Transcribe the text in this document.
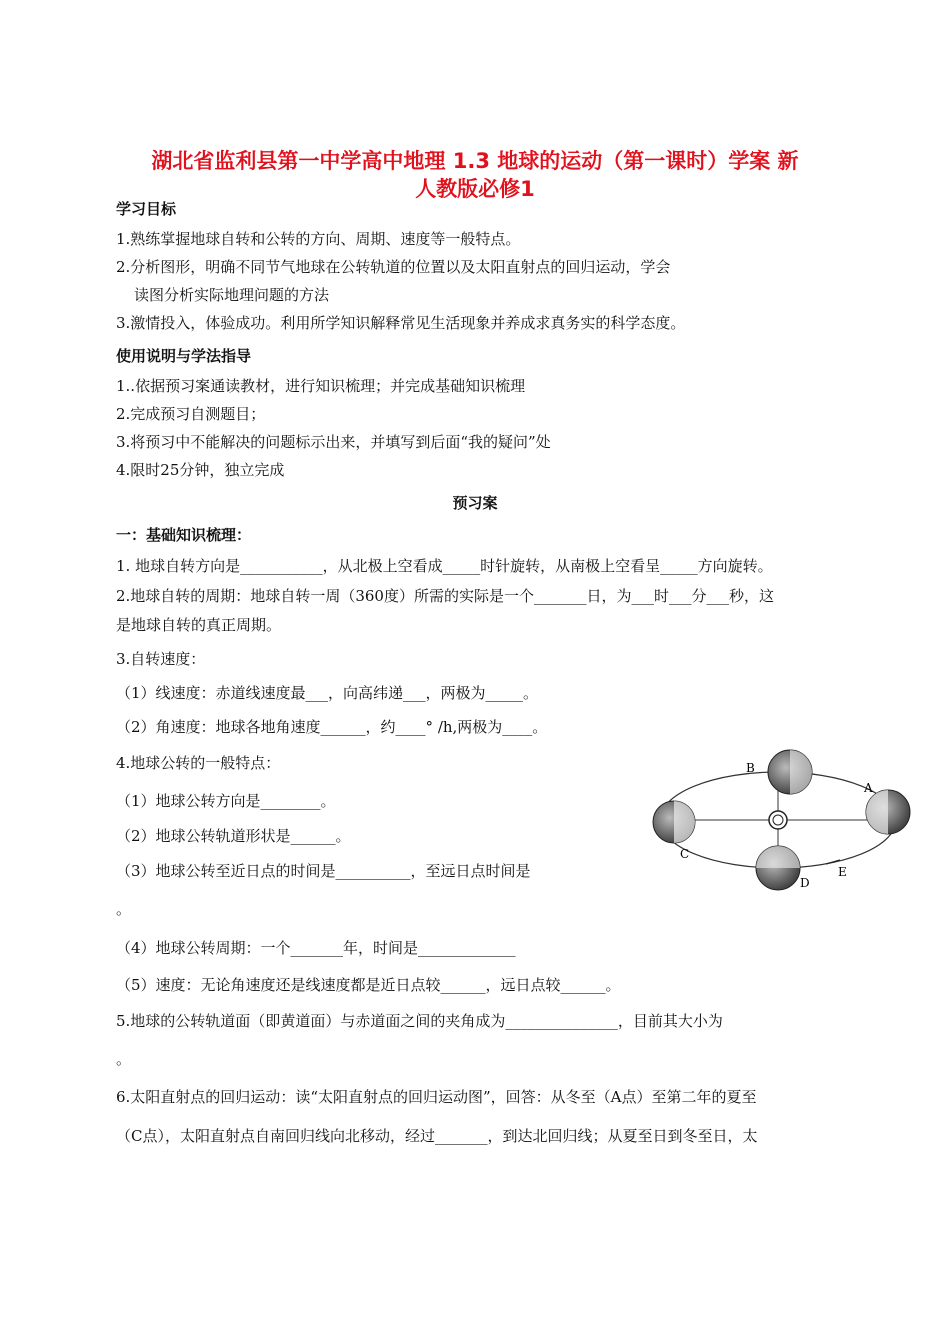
湖北省监利县第一中学高中地理 1.3 地球的运动（第一课时）学案 新
人教版必修1
学习目标
1.熟练掌握地球自转和公转的方向、周期、速度等一般特点。
2.分析图形，明确不同节气地球在公转轨道的位置以及太阳直射点的回归运动，学会
读图分析实际地理问题的方法
3.激情投入，体验成功。利用所学知识解释常见生活现象并养成求真务实的科学态度。
使用说明与学法指导
1..依据预习案通读教材，进行知识梳理；并完成基础知识梳理
2.完成预习自测题目；
3.将预习中不能解决的问题标示出来，并填写到后面“我的疑问”处
4.限时25分钟，独立完成
预习案
一：基础知识梳理：
1. 地球自转方向是___________，从北极上空看成_____时针旋转，从南极上空看呈_____方向旋转。
2.地球自转的周期：地球自转一周（360度）所需的实际是一个_______日，为___时___分___秒，这
是地球自转的真正周期。
3.自转速度：
（1）线速度：赤道线速度最___，向高纬递___，两极为_____。
（2）角速度：地球各地角速度______，约____° /h,两极为____。
4.地球公转的一般特点：
（1）地球公转方向是________。
（2）地球公转轨道形状是______。
（3）地球公转至近日点的时间是__________，至远日点时间是
。
（4）地球公转周期：一个_______年，时间是_____________
（5）速度：无论角速度还是线速度都是近日点较______，远日点较______。
5.地球的公转轨道面（即黄道面）与赤道面之间的夹角成为_______________，目前其大小为
。
6.太阳直射点的回归运动：读“太阳直射点的回归运动图”，回答：从冬至（A点）至第二年的夏至
（C点），太阳直射点自南回归线向北移动，经过_______，到达北回归线；从夏至日到冬至日，太
B
A
C
D
E
